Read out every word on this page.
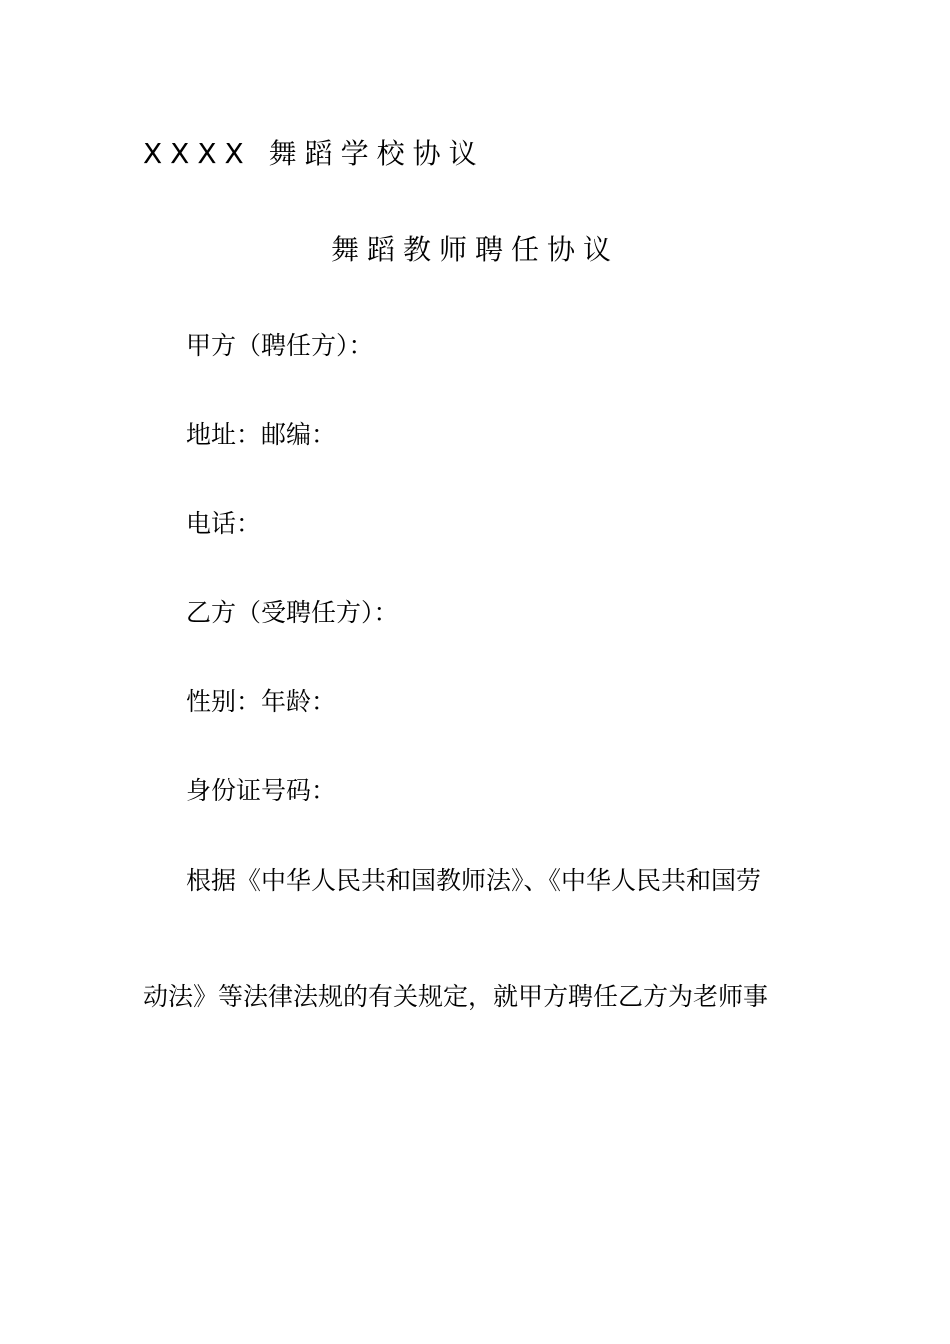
XXXX 舞蹈学校协议
舞蹈教师聘任协议
甲方（聘任方）：
地址：邮编：
电话：
乙方（受聘任方）：
性别：年龄：
身份证号码：
根据《中华人民共和国教师法》、《中华人民共和国劳
动法》等法律法规的有关规定，就甲方聘任乙方为老师事
